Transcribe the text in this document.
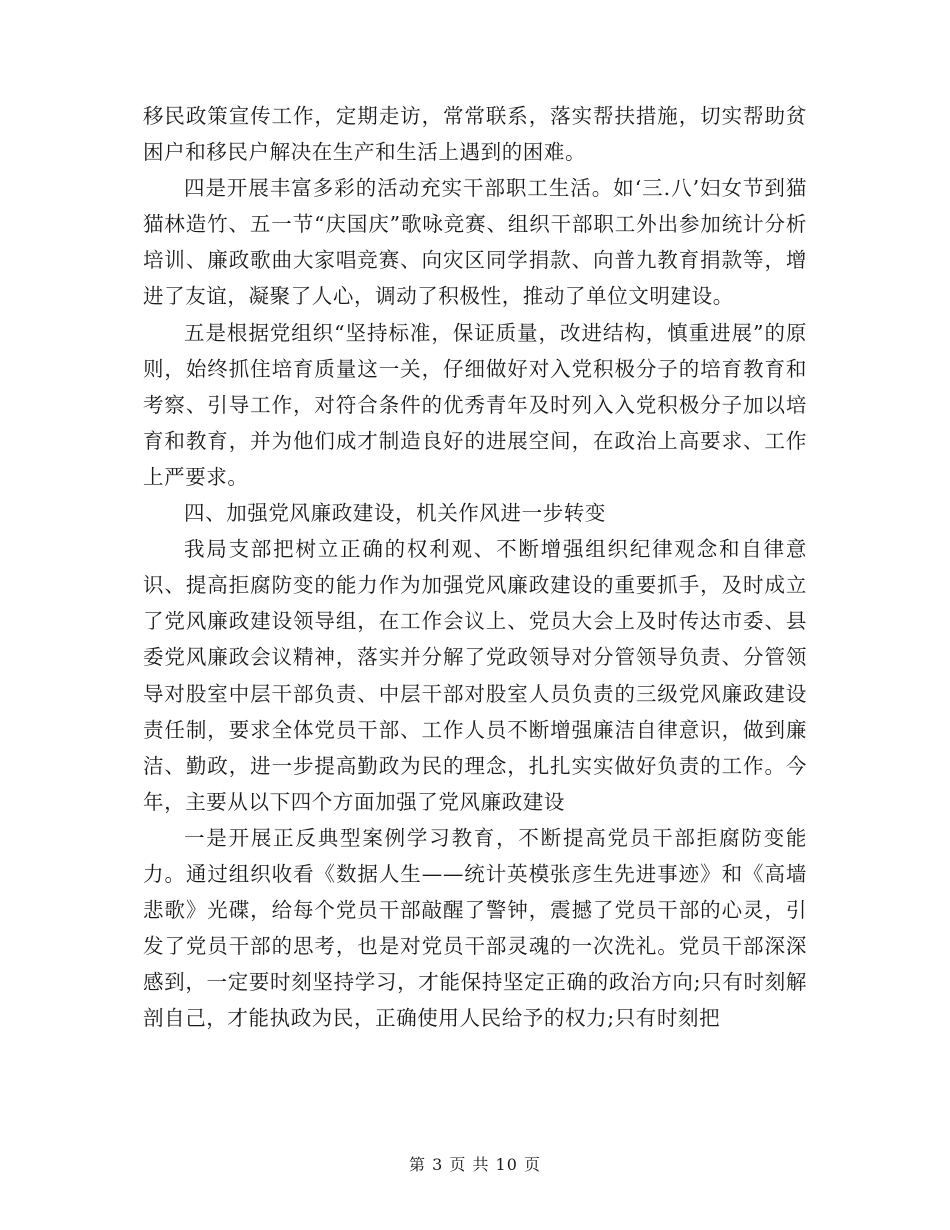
移民政策宣传工作，定期走访，常常联系，落实帮扶措施，切实帮助贫困户和移民户解决在生产和生活上遇到的困难。

四是开展丰富多彩的活动充实干部职工生活。如‘三.八’妇女节到猫猫林造竹、五一节“庆国庆”歌咏竞赛、组织干部职工外出参加统计分析培训、廉政歌曲大家唱竞赛、向灾区同学捐款、向普九教育捐款等，增进了友谊，凝聚了人心，调动了积极性，推动了单位文明建设。

五是根据党组织“坚持标准，保证质量，改进结构，慎重进展”的原则，始终抓住培育质量这一关，仔细做好对入党积极分子的培育教育和考察、引导工作，对符合条件的优秀青年及时列入入党积极分子加以培育和教育，并为他们成才制造良好的进展空间，在政治上高要求、工作上严要求。

四、加强党风廉政建设，机关作风进一步转变

我局支部把树立正确的权利观、不断增强组织纪律观念和自律意识、提高拒腐防变的能力作为加强党风廉政建设的重要抓手，及时成立了党风廉政建设领导组，在工作会议上、党员大会上及时传达市委、县委党风廉政会议精神，落实并分解了党政领导对分管领导负责、分管领导对股室中层干部负责、中层干部对股室人员负责的三级党风廉政建设责任制，要求全体党员干部、工作人员不断增强廉洁自律意识，做到廉洁、勤政，进一步提高勤政为民的理念，扎扎实实做好负责的工作。今年，主要从以下四个方面加强了党风廉政建设

一是开展正反典型案例学习教育，不断提高党员干部拒腐防变能力。通过组织收看《数据人生——统计英模张彦生先进事迹》和《高墙悲歌》光碟，给每个党员干部敲醒了警钟，震撼了党员干部的心灵，引发了党员干部的思考，也是对党员干部灵魂的一次洗礼。党员干部深深感到，一定要时刻坚持学习，才能保持坚定正确的政治方向;只有时刻解剖自己，才能执政为民，正确使用人民给予的权力;只有时刻把

第 3 页 共 10 页
